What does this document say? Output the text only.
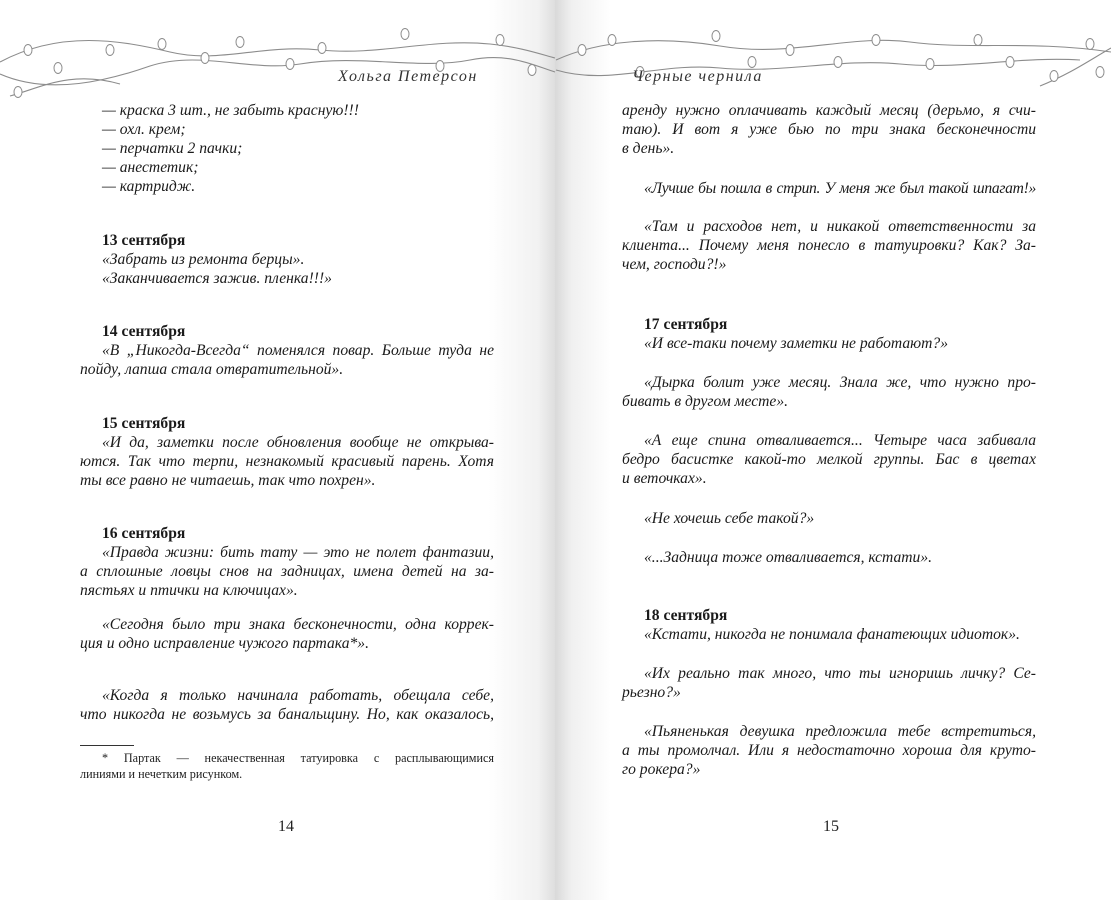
Хольга Петерсон	Черные чернила
— краска 3 шт., не забыть красную!!!
— охл. крем;
— перчатки 2 пачки;
— анестетик;
— картридж.
13 сентября
«Забрать из ремонта берцы».
«Заканчивается зажив. пленка!!!»
14 сентября
«В „Никогда-Всегда“ поменялся повар. Больше туда не
пойду, лапша стала отвратительной».
15 сентября
«И да, заметки после обновления вообще не открыва-
ются. Так что терпи, незнакомый красивый парень. Хотя
ты все равно не читаешь, так что похрен».
16 сентября
«Правда жизни: бить тату — это не полет фантазии,
а сплошные ловцы снов на задницах, имена детей на за-
пястьях и птички на ключицах».
«Сегодня было три знака бесконечности, одна коррек-
ция и одно исправление чужого партака*».
«Когда я только начинала работать, обещала себе,
что никогда не возьмусь за банальщину. Но, как оказалось,
* Партак — некачественная татуировка с расплывающимися
линиями и нечетким рисунком.
14
аренду нужно оплачивать каждый месяц (дерьмо, я счи-
таю). И вот я уже бью по три знака бесконечности
в день».
«Лучше бы пошла в стрип. У меня же был такой шпагат!»
«Там и расходов нет, и никакой ответственности за
клиента... Почему меня понесло в татуировки? Как? За-
чем, господи?!»
17 сентября
«И все-таки почему заметки не работают?»
«Дырка болит уже месяц. Знала же, что нужно про-
бивать в другом месте».
«А еще спина отваливается... Четыре часа забивала
бедро басистке какой-то мелкой группы. Бас в цветах
и веточках».
«Не хочешь себе такой?»
«...Задница тоже отваливается, кстати».
18 сентября
«Кстати, никогда не понимала фанатеющих идиоток».
«Их реально так много, что ты игноришь личку? Се-
рьезно?»
«Пьяненькая девушка предложила тебе встретиться,
а ты промолчал. Или я недостаточно хороша для круто-
го рокера?»
15
